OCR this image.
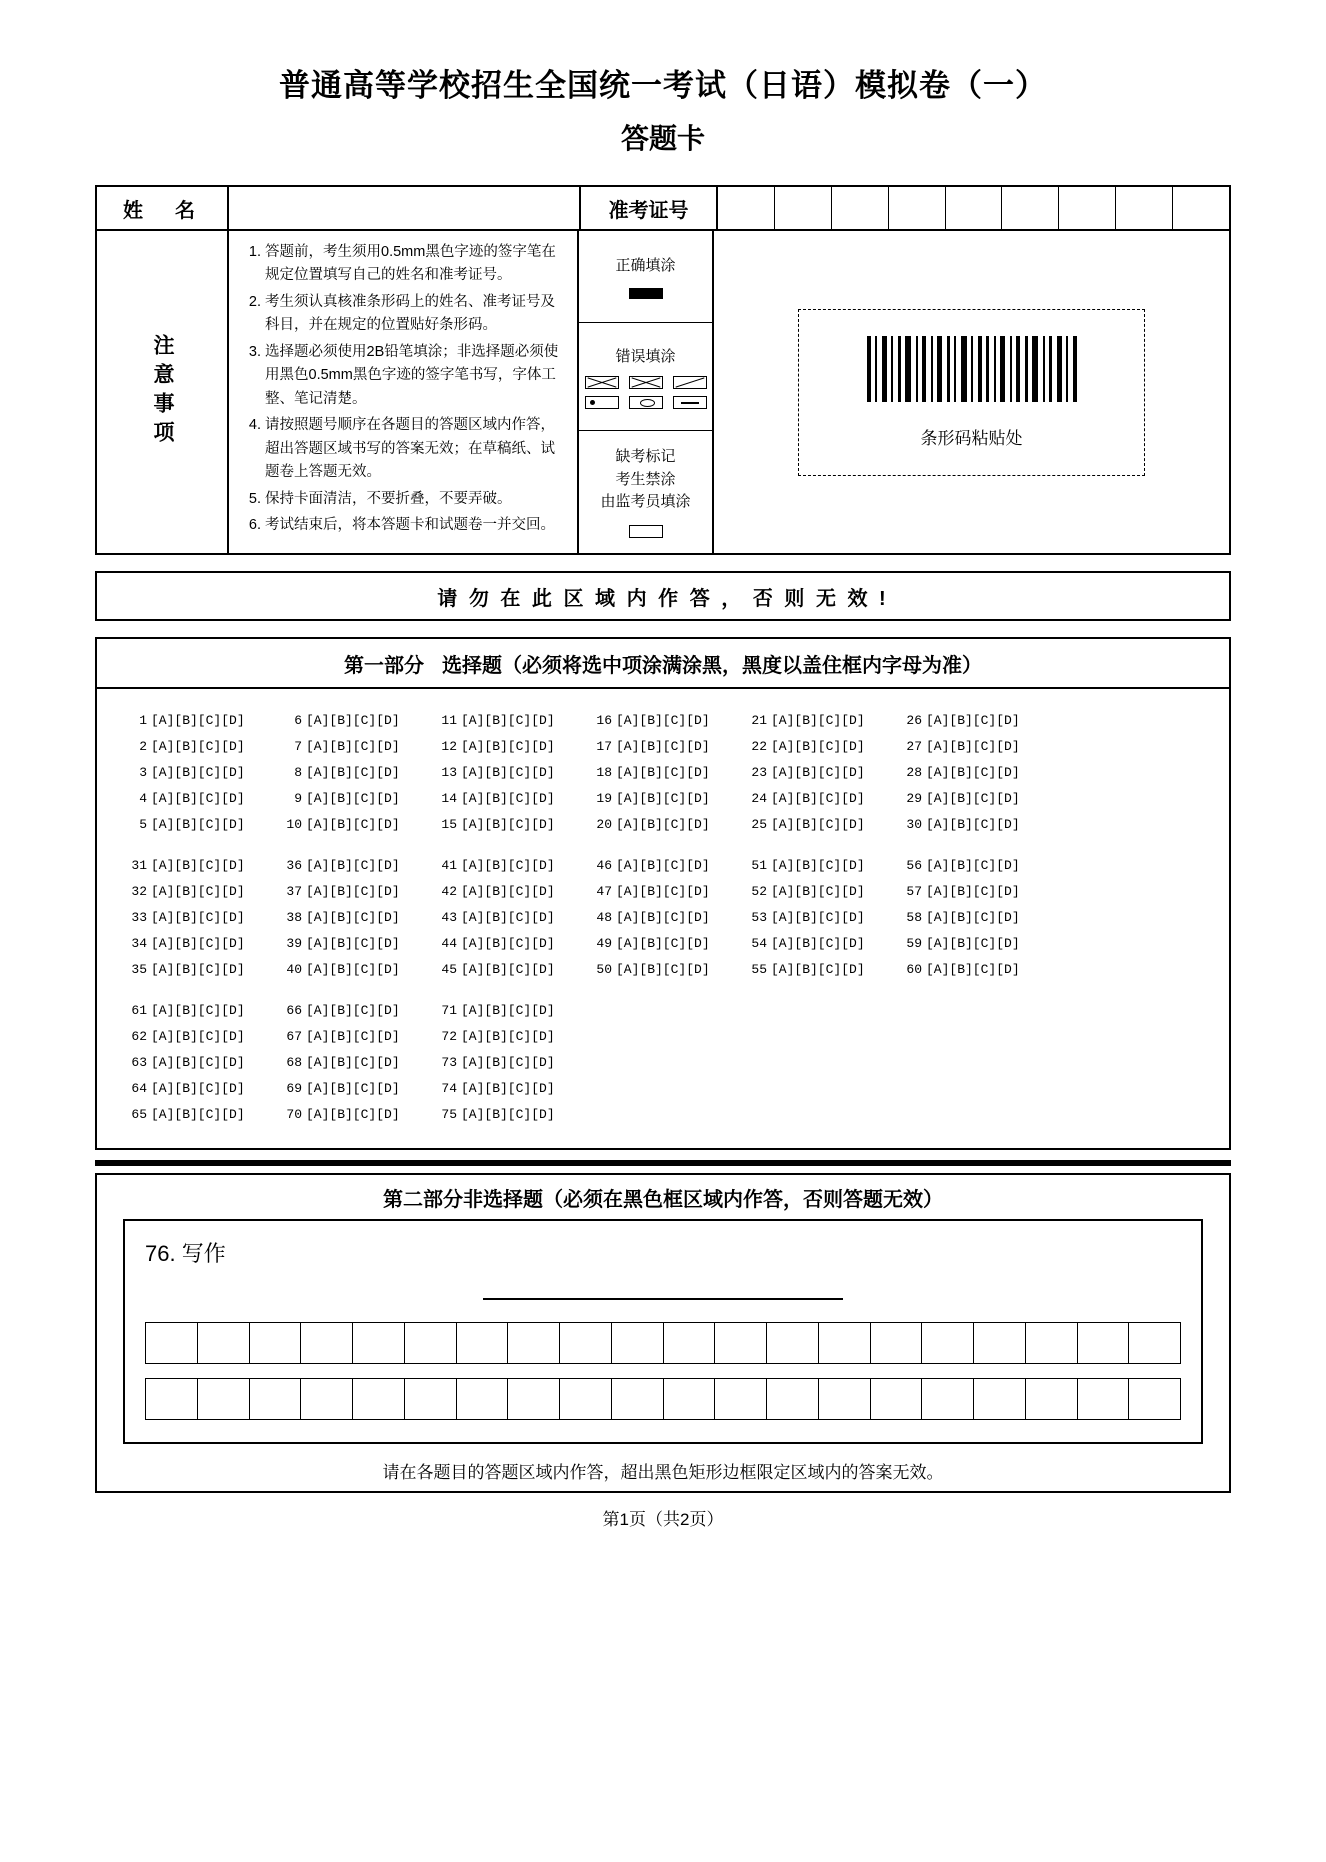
普通高等学校招生全国统一考试（日语）模拟卷（一）
答题卡
姓　名	准考证号
注意事项
1. 答题前，考生须用0.5mm黑色字迹的签字笔在规定位置填写自己的姓名和准考证号。
2. 考生须认真核准条形码上的姓名、准考证号及科目，并在规定的位置贴好条形码。
3. 选择题必须使用2B铅笔填涂；非选择题必须使用黑色0.5mm黑色字迹的签字笔书写，字体工整、笔记清楚。
4. 请按照题号顺序在各题目的答题区域内作答，超出答题区域书写的答案无效；在草稿纸、试题卷上答题无效。
5. 保持卡面清洁，不要折叠，不要弄破。
6. 考试结束后，将本答题卡和试题卷一并交回。
正确填涂
错误填涂
缺考标记
考生禁涂
由监考员填涂
条形码粘贴处
请 勿 在 此 区 域 内 作 答 ， 否 则 无 效 !
第一部分 选择题（必须将选中项涂满涂黑，黑度以盖住框内字母为准）
1 [A][B][C][D]	6 [A][B][C][D]	11 [A][B][C][D]	16 [A][B][C][D]	21 [A][B][C][D]	26 [A][B][C][D]
2 [A][B][C][D]	7 [A][B][C][D]	12 [A][B][C][D]	17 [A][B][C][D]	22 [A][B][C][D]	27 [A][B][C][D]
3 [A][B][C][D]	8 [A][B][C][D]	13 [A][B][C][D]	18 [A][B][C][D]	23 [A][B][C][D]	28 [A][B][C][D]
4 [A][B][C][D]	9 [A][B][C][D]	14 [A][B][C][D]	19 [A][B][C][D]	24 [A][B][C][D]	29 [A][B][C][D]
5 [A][B][C][D]	10 [A][B][C][D]	15 [A][B][C][D]	20 [A][B][C][D]	25 [A][B][C][D]	30 [A][B][C][D]
31 [A][B][C][D]	36 [A][B][C][D]	41 [A][B][C][D]	46 [A][B][C][D]	51 [A][B][C][D]	56 [A][B][C][D]
32 [A][B][C][D]	37 [A][B][C][D]	42 [A][B][C][D]	47 [A][B][C][D]	52 [A][B][C][D]	57 [A][B][C][D]
33 [A][B][C][D]	38 [A][B][C][D]	43 [A][B][C][D]	48 [A][B][C][D]	53 [A][B][C][D]	58 [A][B][C][D]
34 [A][B][C][D]	39 [A][B][C][D]	44 [A][B][C][D]	49 [A][B][C][D]	54 [A][B][C][D]	59 [A][B][C][D]
35 [A][B][C][D]	40 [A][B][C][D]	45 [A][B][C][D]	50 [A][B][C][D]	55 [A][B][C][D]	60 [A][B][C][D]
61 [A][B][C][D]	66 [A][B][C][D]	71 [A][B][C][D]
62 [A][B][C][D]	67 [A][B][C][D]	72 [A][B][C][D]
63 [A][B][C][D]	68 [A][B][C][D]	73 [A][B][C][D]
64 [A][B][C][D]	69 [A][B][C][D]	74 [A][B][C][D]
65 [A][B][C][D]	70 [A][B][C][D]	75 [A][B][C][D]
第二部分 非选择题（必须在黑色框区域内作答，否则答题无效）
76. 写作
请在各题目的答题区域内作答，超出黑色矩形边框限定区域内的答案无效。
第1页（共2页）
